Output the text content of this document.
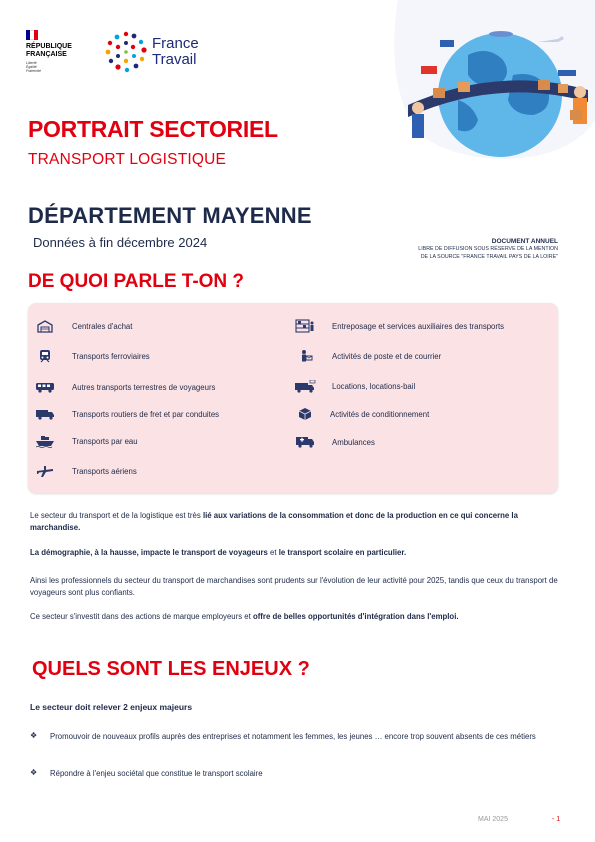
RÉPUBLIQUE
FRANÇAISE
Liberté
Égalité
Fraternité
France
Travail
PORTRAIT SECTORIEL
TRANSPORT LOGISTIQUE
DÉPARTEMENT MAYENNE
Données à fin décembre 2024	DOCUMENT ANNUEL
LIBRE DE DIFFUSION SOUS RÉSERVE DE LA MENTION
DE LA SOURCE "FRANCE TRAVAIL PAYS DE LA LOIRE"
DE QUOI PARLE T-ON ?
Centrales d'achat
Transports ferroviaires
Autres transports terrestres de voyageurs
Transports routiers de fret et par conduites
Transports par eau
Transports aériens
Entreposage et services auxiliaires des transports
Activités de poste et de courrier
Locations, locations-bail
Activités de conditionnement
Ambulances
Le secteur du transport et de la logistique est très lié aux variations de la consommation et donc de la production en ce qui concerne la marchandise.
La démographie, à la hausse, impacte le transport de voyageurs et le transport scolaire en particulier.
Ainsi les professionnels du secteur du transport de marchandises sont prudents sur l'évolution de leur activité pour 2025, tandis que ceux du transport de voyageurs sont plus confiants.
Ce secteur s'investit dans des actions de marque employeurs et offre de belles opportunités d'intégration dans l'emploi.
QUELS SONT LES ENJEUX ?
Le secteur doit relever 2 enjeux majeurs
❖	Promouvoir de nouveaux profils auprès des entreprises et notamment les femmes, les jeunes … encore trop souvent absents de ces métiers
❖	Répondre à l'enjeu sociétal que constitue le transport scolaire
MAI 2025	- 1
